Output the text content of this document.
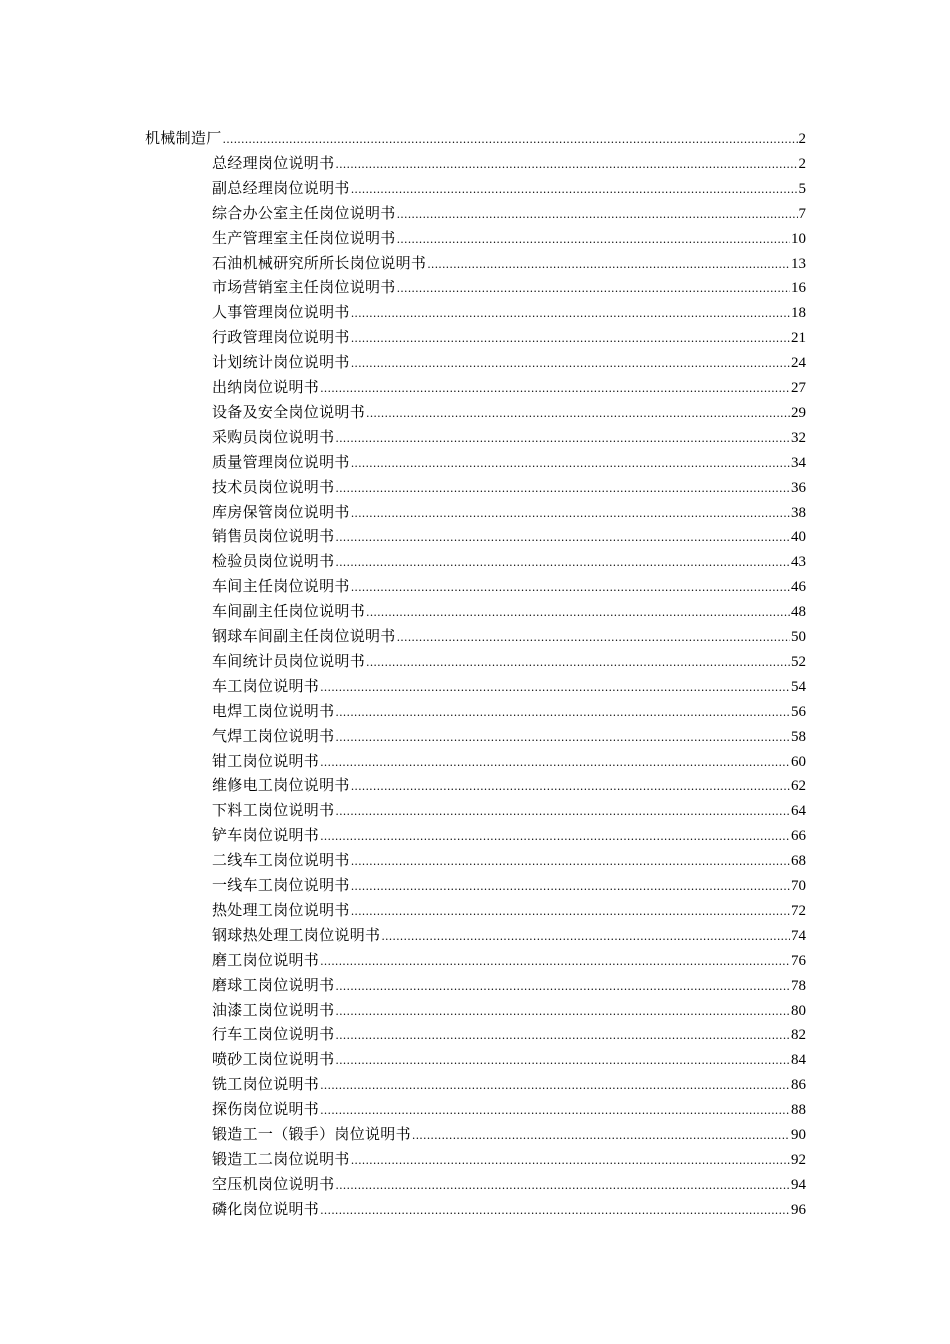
机械制造厂 .....	2
总经理岗位说明书 .....	2
副总经理岗位说明书 .....	5
综合办公室主任岗位说明书 .....	7
生产管理室主任岗位说明书 .....	10
石油机械研究所所长岗位说明书 .....	13
市场营销室主任岗位说明书 .....	16
人事管理岗位说明书 .....	18
行政管理岗位说明书 .....	21
计划统计岗位说明书 .....	24
出纳岗位说明书 .....	27
设备及安全岗位说明书 .....	29
采购员岗位说明书 .....	32
质量管理岗位说明书 .....	34
技术员岗位说明书 .....	36
库房保管岗位说明书 .....	38
销售员岗位说明书 .....	40
检验员岗位说明书 .....	43
车间主任岗位说明书 .....	46
车间副主任岗位说明书 .....	48
钢球车间副主任岗位说明书 .....	50
车间统计员岗位说明书 .....	52
车工岗位说明书 .....	54
电焊工岗位说明书 .....	56
气焊工岗位说明书 .....	58
钳工岗位说明书 .....	60
维修电工岗位说明书 .....	62
下料工岗位说明书 .....	64
铲车岗位说明书 .....	66
二线车工岗位说明书 .....	68
一线车工岗位说明书 .....	70
热处理工岗位说明书 .....	72
钢球热处理工岗位说明书 .....	74
磨工岗位说明书 .....	76
磨球工岗位说明书 .....	78
油漆工岗位说明书 .....	80
行车工岗位说明书 .....	82
喷砂工岗位说明书 .....	84
铣工岗位说明书 .....	86
探伤岗位说明书 .....	88
锻造工一（锻手）岗位说明书 .....	90
锻造工二岗位说明书 .....	92
空压机岗位说明书 .....	94
磷化岗位说明书 .....	96
